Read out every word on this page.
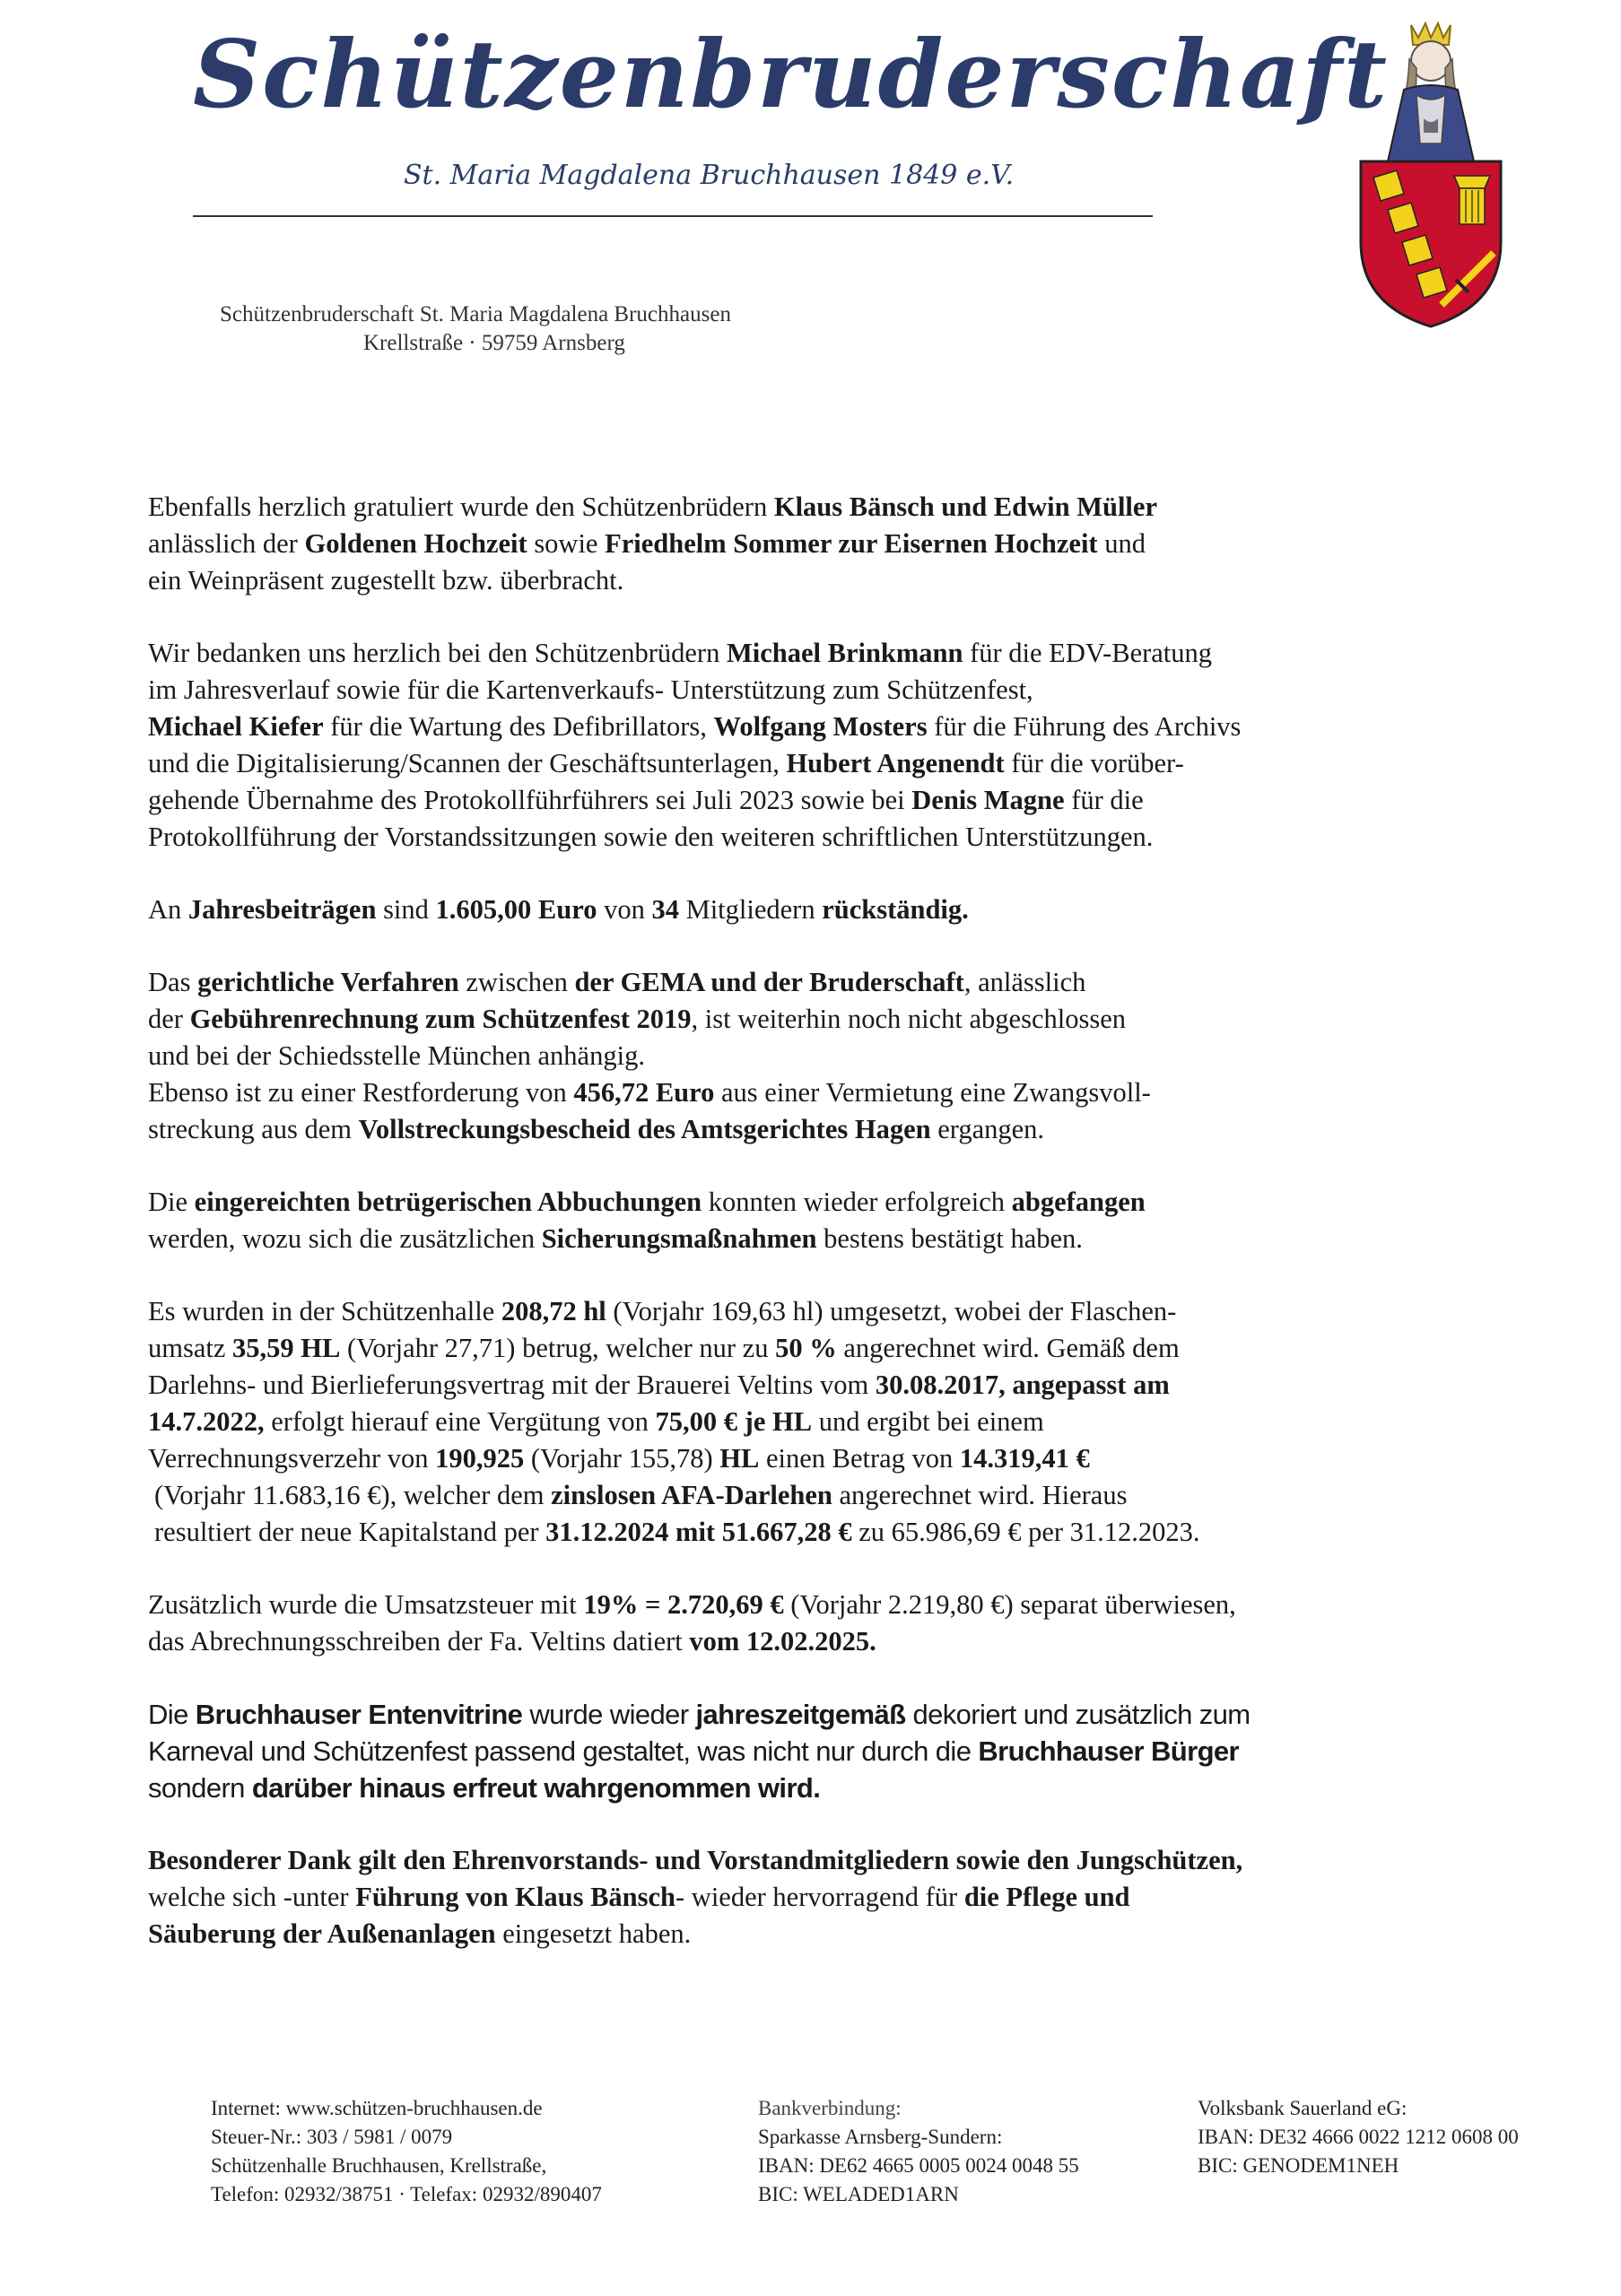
Schützenbruderschaft
St. Maria Magdalena Bruchhausen 1849 e.V.
Schützenbruderschaft St. Maria Magdalena Bruchhausen
Krellstraße · 59759 Arnsberg
Ebenfalls herzlich gratuliert wurde den Schützenbrüdern Klaus Bänsch und Edwin Müller
anlässlich der Goldenen Hochzeit sowie Friedhelm Sommer zur Eisernen Hochzeit und
ein Weinpräsent zugestellt bzw. überbracht.
Wir bedanken uns herzlich bei den Schützenbrüdern Michael Brinkmann für die EDV-Beratung
im Jahresverlauf sowie für die Kartenverkaufs- Unterstützung zum Schützenfest,
Michael Kiefer für die Wartung des Defibrillators, Wolfgang Mosters für die Führung des Archivs
und die Digitalisierung/Scannen der Geschäftsunterlagen, Hubert Angenendt für die vorüber-
gehende Übernahme des Protokollführführers sei Juli 2023 sowie bei Denis Magne für die
Protokollführung der Vorstandssitzungen sowie den weiteren schriftlichen Unterstützungen.
An Jahresbeiträgen sind 1.605,00 Euro von 34 Mitgliedern rückständig.
Das gerichtliche Verfahren zwischen der GEMA und der Bruderschaft, anlässlich
der Gebührenrechnung zum Schützenfest 2019, ist weiterhin noch nicht abgeschlossen
und bei der Schiedsstelle München anhängig.
Ebenso ist zu einer Restforderung von 456,72 Euro aus einer Vermietung eine Zwangsvoll-
streckung aus dem Vollstreckungsbescheid des Amtsgerichtes Hagen ergangen.
Die eingereichten betrügerischen Abbuchungen konnten wieder erfolgreich abgefangen
werden, wozu sich die zusätzlichen Sicherungsmaßnahmen bestens bestätigt haben.
Es wurden in der Schützenhalle 208,72 hl (Vorjahr 169,63 hl) umgesetzt, wobei der Flaschen-
umsatz 35,59 HL (Vorjahr 27,71) betrug, welcher nur zu 50 % angerechnet wird. Gemäß dem
Darlehns- und Bierlieferungsvertrag mit der Brauerei Veltins vom 30.08.2017, angepasst am
14.7.2022, erfolgt hierauf eine Vergütung von 75,00 € je HL und ergibt bei einem
Verrechnungsverzehr von 190,925 (Vorjahr 155,78) HL einen Betrag von 14.319,41 €
(Vorjahr 11.683,16 €), welcher dem zinslosen AFA-Darlehen angerechnet wird. Hieraus
resultiert der neue Kapitalstand per 31.12.2024 mit 51.667,28 € zu 65.986,69 € per 31.12.2023.
Zusätzlich wurde die Umsatzsteuer mit 19% = 2.720,69 € (Vorjahr 2.219,80 €) separat überwiesen,
das Abrechnungsschreiben der Fa. Veltins datiert vom 12.02.2025.
Die Bruchhauser Entenvitrine wurde wieder jahreszeitgemäß dekoriert und zusätzlich zum
Karneval und Schützenfest passend gestaltet, was nicht nur durch die Bruchhauser Bürger
sondern darüber hinaus erfreut wahrgenommen wird.
Besonderer Dank gilt den Ehrenvorstands- und Vorstandmitgliedern sowie den Jungschützen,
welche sich -unter Führung von Klaus Bänsch- wieder hervorragend für die Pflege und
Säuberung der Außenanlagen eingesetzt haben.
Internet: www.schützen-bruchhausen.de
Steuer-Nr.: 303 / 5981 / 0079
Schützenhalle Bruchhausen, Krellstraße,
Telefon: 02932/38751 · Telefax: 02932/890407
Bankverbindung:
Sparkasse Arnsberg-Sundern:
IBAN: DE62 4665 0005 0024 0048 55
BIC: WELADED1ARN
Volksbank Sauerland eG:
IBAN: DE32 4666 0022 1212 0608 00
BIC: GENODEM1NEH
